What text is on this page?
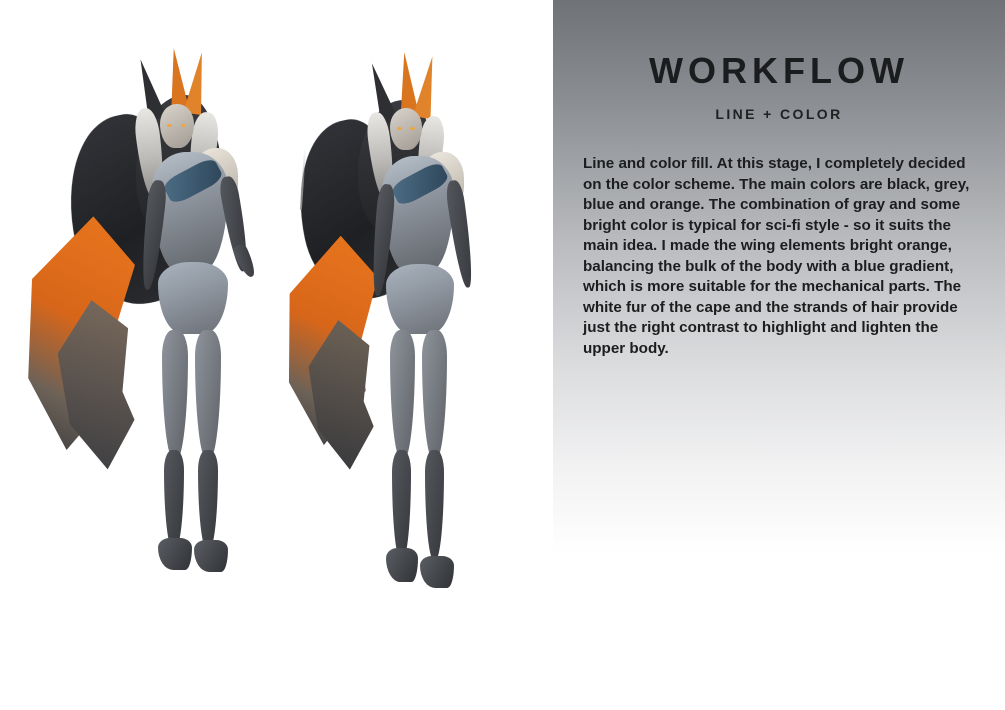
WORKFLOW
LINE + COLOR

Line and color fill. At this stage, I completely decided on the color scheme. The main colors are black, grey, blue and orange. The combination of gray and some bright color is typical for sci-fi style - so it suits the main idea. I made the wing elements bright orange, balancing the bulk of the body with a blue gradient, which is more suitable for the mechanical parts. The white fur of the cape and the strands of hair provide just the right contrast to highlight and lighten the upper body.
